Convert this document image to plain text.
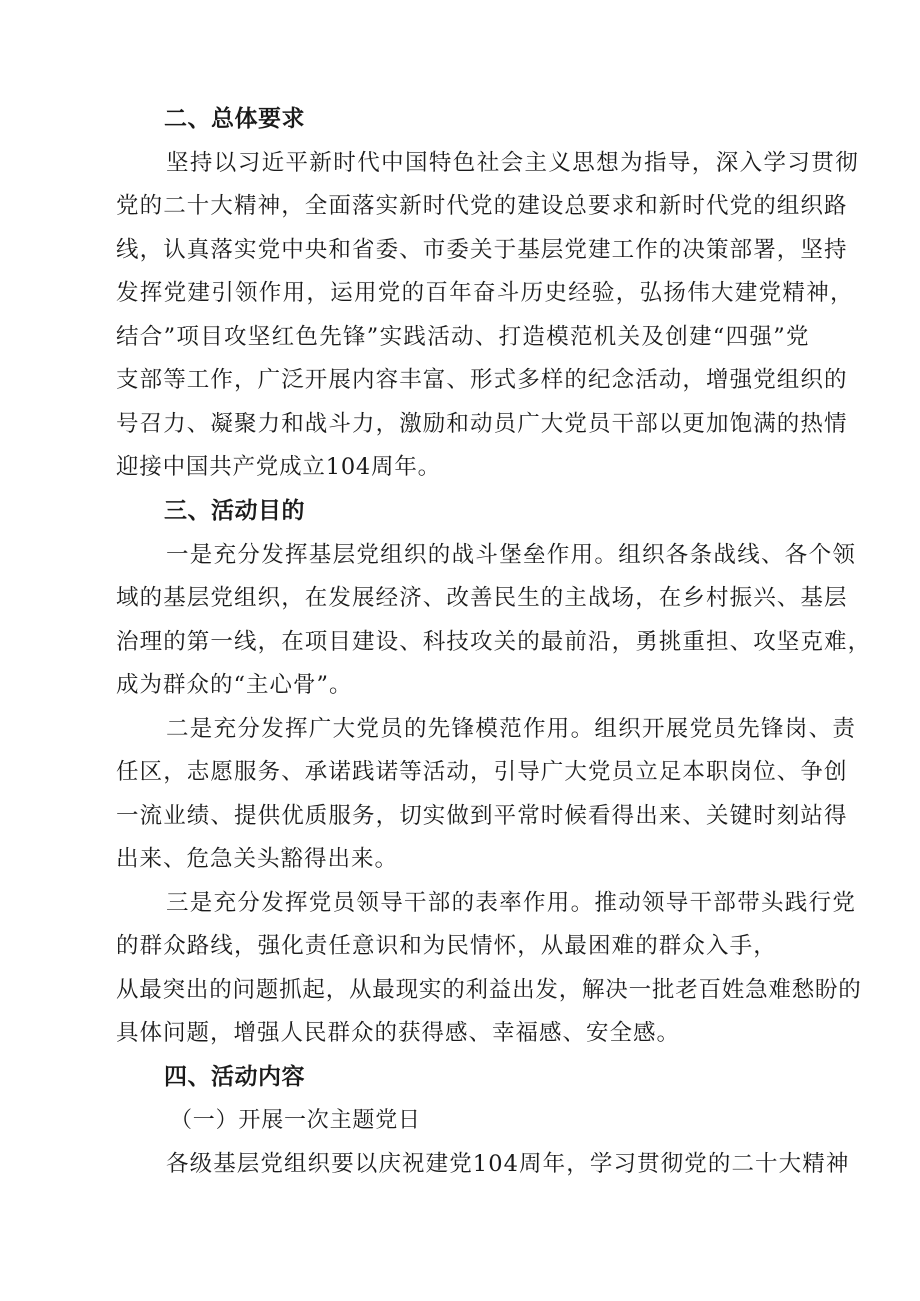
二、总体要求
坚持以习近平新时代中国特色社会主义思想为指导，深入学习贯彻
党的二十大精神，全面落实新时代党的建设总要求和新时代党的组织路
线，认真落实党中央和省委、市委关于基层党建工作的决策部署，坚持
发挥党建引领作用，运用党的百年奋斗历史经验，弘扬伟大建党精神，
结合”项目攻坚红色先锋”实践活动、打造模范机关及创建“四强”党
支部等工作，广泛开展内容丰富、形式多样的纪念活动，增强党组织的
号召力、凝聚力和战斗力，激励和动员广大党员干部以更加饱满的热情
迎接中国共产党成立104周年。
三、活动目的
一是充分发挥基层党组织的战斗堡垒作用。组织各条战线、各个领
域的基层党组织，在发展经济、改善民生的主战场，在乡村振兴、基层
治理的第一线，在项目建设、科技攻关的最前沿，勇挑重担、攻坚克难，
成为群众的“主心骨”。
二是充分发挥广大党员的先锋模范作用。组织开展党员先锋岗、责
任区，志愿服务、承诺践诺等活动，引导广大党员立足本职岗位、争创
一流业绩、提供优质服务，切实做到平常时候看得出来、关键时刻站得
出来、危急关头豁得出来。
三是充分发挥党员领导干部的表率作用。推动领导干部带头践行党
的群众路线，强化责任意识和为民情怀，从最困难的群众入手，
从最突出的问题抓起，从最现实的利益出发，解决一批老百姓急难愁盼的
具体问题，增强人民群众的获得感、幸福感、安全感。
四、活动内容
（一）开展一次主题党日
各级基层党组织要以庆祝建党104周年，学习贯彻党的二十大精神
